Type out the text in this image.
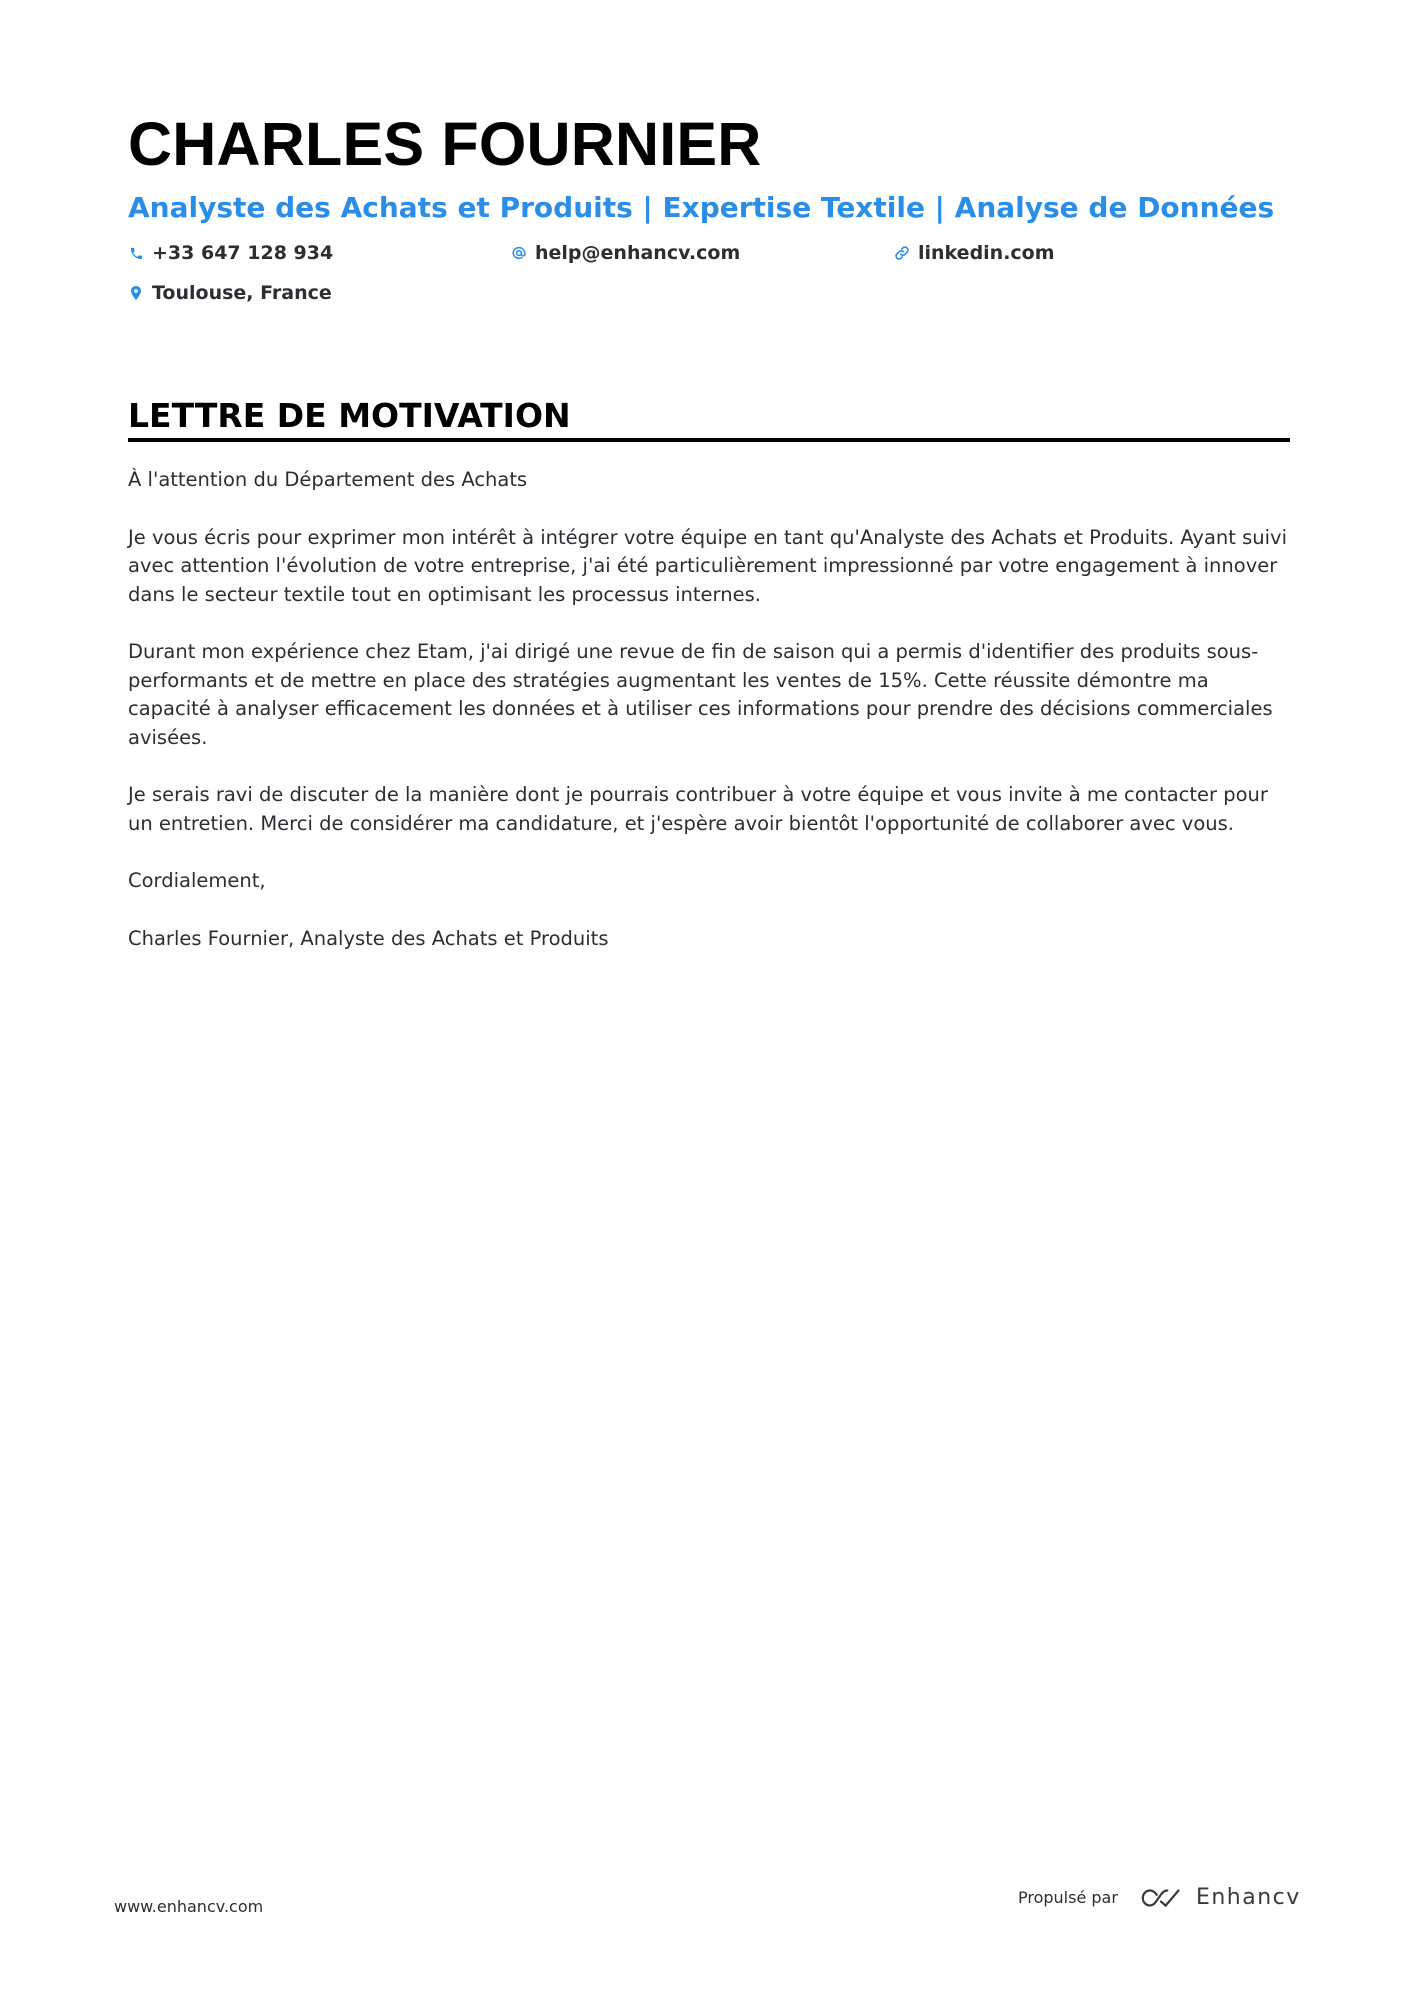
CHARLES FOURNIER
Analyste des Achats et Produits | Expertise Textile | Analyse de Données
+33 647 128 934	help@enhancv.com	linkedin.com
Toulouse, France
LETTRE DE MOTIVATION

À l'attention du Département des Achats

Je vous écris pour exprimer mon intérêt à intégrer votre équipe en tant qu'Analyste des Achats et Produits. Ayant suivi avec attention l'évolution de votre entreprise, j'ai été particulièrement impressionné par votre engagement à innover dans le secteur textile tout en optimisant les processus internes.

Durant mon expérience chez Etam, j'ai dirigé une revue de fin de saison qui a permis d'identifier des produits sous-performants et de mettre en place des stratégies augmentant les ventes de 15%. Cette réussite démontre ma capacité à analyser efficacement les données et à utiliser ces informations pour prendre des décisions commerciales avisées.

Je serais ravi de discuter de la manière dont je pourrais contribuer à votre équipe et vous invite à me contacter pour un entretien. Merci de considérer ma candidature, et j'espère avoir bientôt l'opportunité de collaborer avec vous.

Cordialement,

Charles Fournier, Analyste des Achats et Produits

www.enhancv.com	Propulsé par	Enhancv
